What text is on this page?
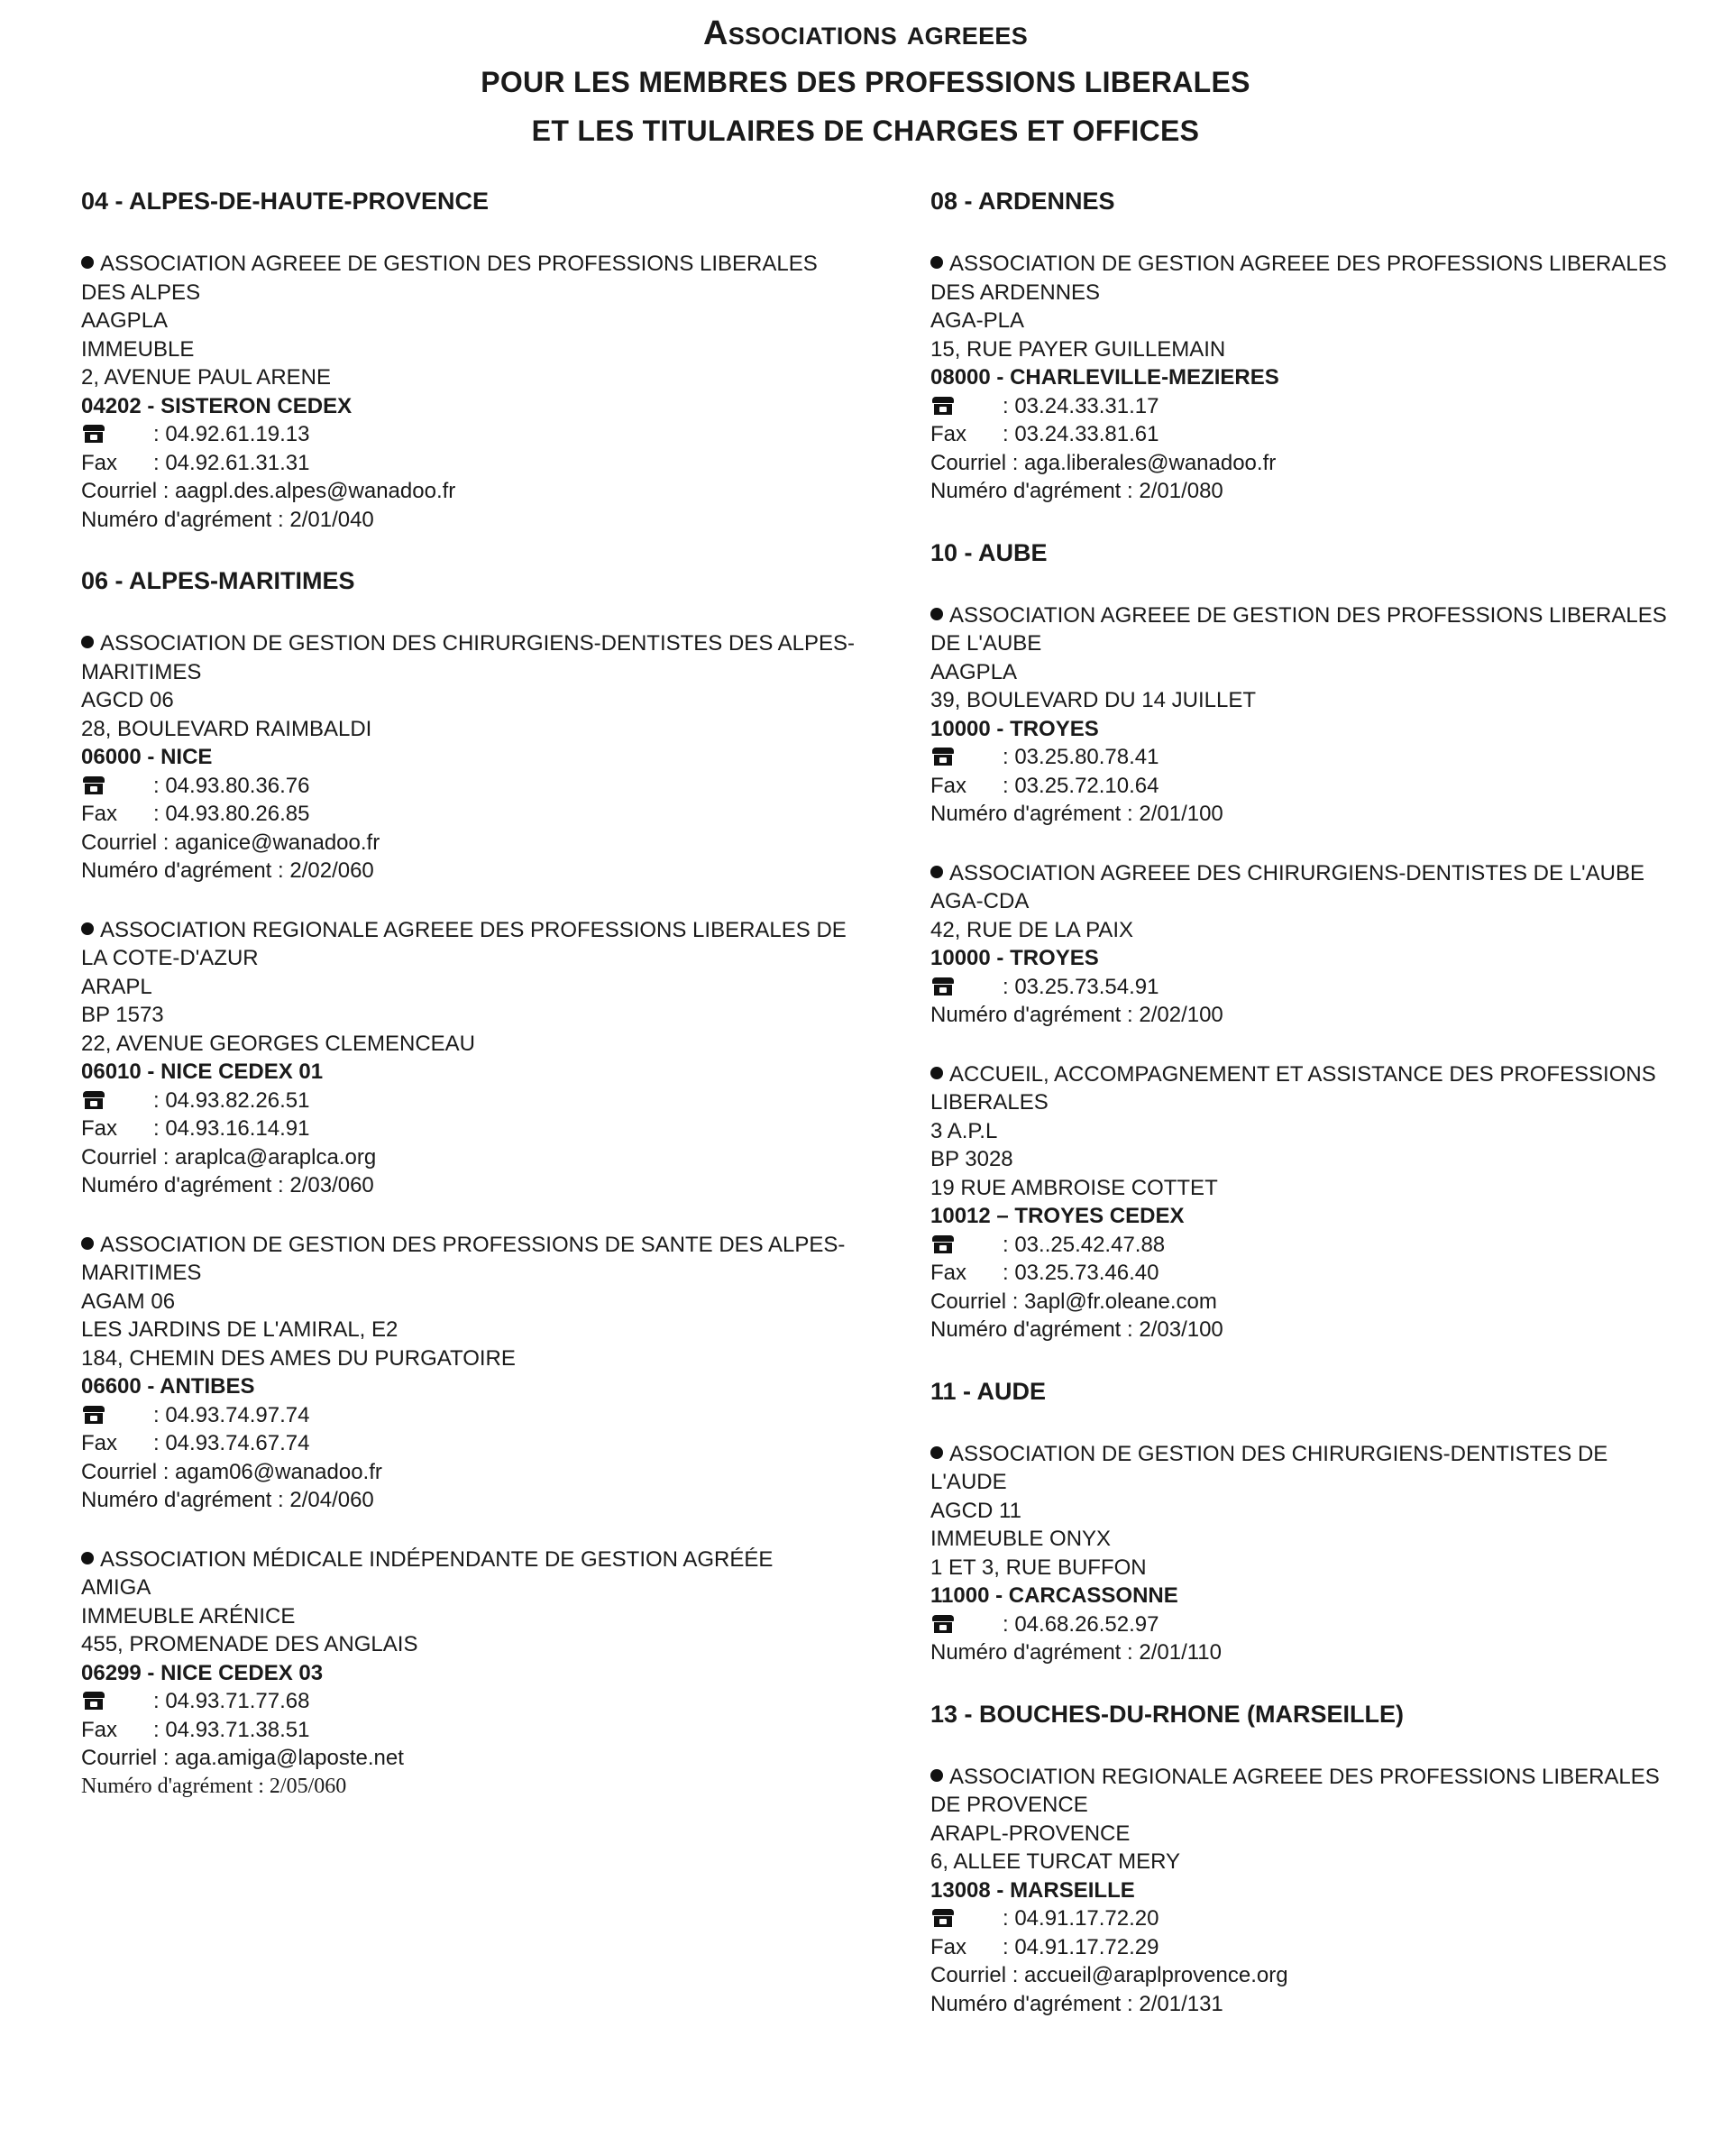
Associations agreees
POUR LES MEMBRES DES PROFESSIONS LIBERALES
ET LES TITULAIRES DE CHARGES ET OFFICES
04 - ALPES-DE-HAUTE-PROVENCE
ASSOCIATION AGREEE DE GESTION DES PROFESSIONS LIBERALES DES ALPES
AAGPLA
IMMEUBLE
2, AVENUE PAUL ARENE
04202 - SISTERON CEDEX
: 04.92.61.19.13
Fax : 04.92.61.31.31
Courriel : aagpl.des.alpes@wanadoo.fr
Numéro d'agrément : 2/01/040
06 - ALPES-MARITIMES
ASSOCIATION DE GESTION DES CHIRURGIENS-DENTISTES DES ALPES-MARITIMES
AGCD 06
28, BOULEVARD RAIMBALDI
06000 - NICE
: 04.93.80.36.76
Fax : 04.93.80.26.85
Courriel : aganice@wanadoo.fr
Numéro d'agrément : 2/02/060
ASSOCIATION REGIONALE AGREEE DES PROFESSIONS LIBERALES DE LA COTE-D'AZUR
ARAPL
BP 1573
22, AVENUE GEORGES CLEMENCEAU
06010 - NICE CEDEX 01
: 04.93.82.26.51
Fax : 04.93.16.14.91
Courriel : araplca@araplca.org
Numéro d'agrément : 2/03/060
ASSOCIATION DE GESTION DES PROFESSIONS DE SANTE DES ALPES-MARITIMES
AGAM 06
LES JARDINS DE L'AMIRAL, E2
184, CHEMIN DES AMES DU PURGATOIRE
06600 - ANTIBES
: 04.93.74.97.74
Fax : 04.93.74.67.74
Courriel : agam06@wanadoo.fr
Numéro d'agrément : 2/04/060
ASSOCIATION MÉDICALE INDÉPENDANTE DE GESTION AGRÉÉE
AMIGA
IMMEUBLE ARÉNICE
455, PROMENADE DES ANGLAIS
06299 - NICE CEDEX 03
: 04.93.71.77.68
Fax : 04.93.71.38.51
Courriel : aga.amiga@laposte.net
Numéro d'agrément : 2/05/060
08 - ARDENNES
ASSOCIATION DE GESTION AGREEE DES PROFESSIONS LIBERALES DES ARDENNES
AGA-PLA
15, RUE PAYER GUILLEMAIN
08000 - CHARLEVILLE-MEZIERES
: 03.24.33.31.17
Fax : 03.24.33.81.61
Courriel : aga.liberales@wanadoo.fr
Numéro d'agrément : 2/01/080
10 - AUBE
ASSOCIATION AGREEE DE GESTION DES PROFESSIONS LIBERALES DE L'AUBE
AAGPLA
39, BOULEVARD DU 14 JUILLET
10000 - TROYES
: 03.25.80.78.41
Fax : 03.25.72.10.64
Numéro d'agrément : 2/01/100
ASSOCIATION AGREEE DES CHIRURGIENS-DENTISTES DE L'AUBE
AGA-CDA
42, RUE DE LA PAIX
10000 - TROYES
: 03.25.73.54.91
Numéro d'agrément : 2/02/100
ACCUEIL, ACCOMPAGNEMENT ET ASSISTANCE DES PROFESSIONS LIBERALES
3 A.P.L
BP 3028
19 RUE AMBROISE COTTET
10012 – TROYES CEDEX
: 03..25.42.47.88
Fax : 03.25.73.46.40
Courriel : 3apl@fr.oleane.com
Numéro d'agrément : 2/03/100
11 - AUDE
ASSOCIATION DE GESTION DES CHIRURGIENS-DENTISTES DE L'AUDE
AGCD 11
IMMEUBLE ONYX
1 ET 3, RUE BUFFON
11000 - CARCASSONNE
: 04.68.26.52.97
Numéro d'agrément : 2/01/110
13 - BOUCHES-DU-RHONE (MARSEILLE)
ASSOCIATION REGIONALE AGREEE DES PROFESSIONS LIBERALES DE PROVENCE
ARAPL-PROVENCE
6, ALLEE TURCAT MERY
13008 - MARSEILLE
: 04.91.17.72.20
Fax : 04.91.17.72.29
Courriel : accueil@araplprovence.org
Numéro d'agrément : 2/01/131
